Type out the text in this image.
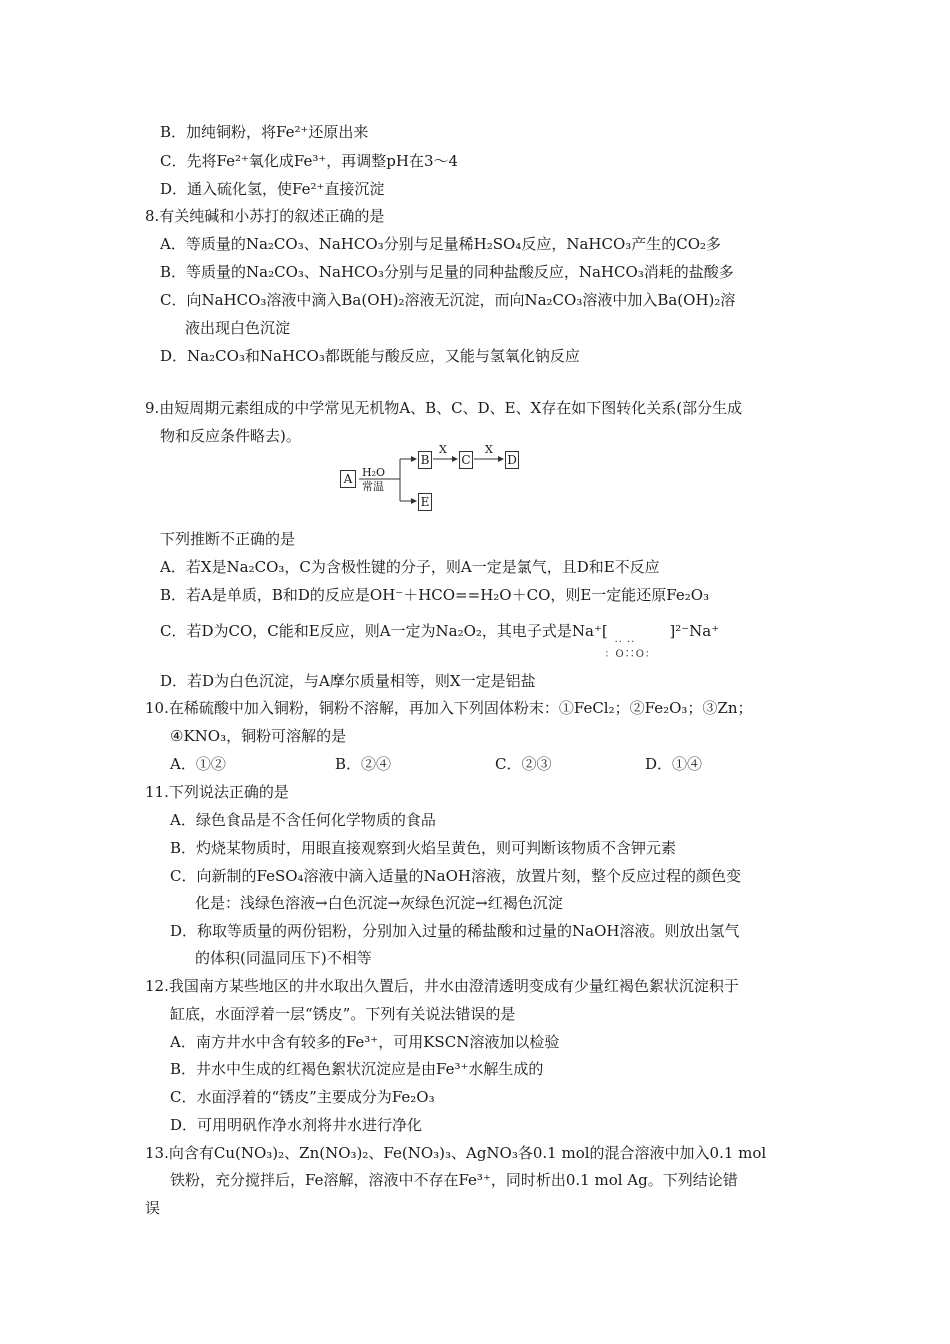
B．加纯铜粉，将Fe²⁺还原出来
C．先将Fe²⁺氧化成Fe³⁺，再调整pH在3～4
D．通入硫化氢，使Fe²⁺直接沉淀
8.有关纯碱和小苏打的叙述正确的是
A．等质量的Na₂CO₃、NaHCO₃分别与足量稀H₂SO₄反应，NaHCO₃产生的CO₂多
B．等质量的Na₂CO₃、NaHCO₃分别与足量的同种盐酸反应，NaHCO₃消耗的盐酸多
C．向NaHCO₃溶液中滴入Ba(OH)₂溶液无沉淀，而向Na₂CO₃溶液中加入Ba(OH)₂溶
液出现白色沉淀
D．Na₂CO₃和NaHCO₃都既能与酸反应，又能与氢氧化钠反应
9.由短周期元素组成的中学常见无机物A、B、C、D、E、X存在如下图转化关系(部分生成
物和反应条件略去)。
A H₂O
常温
B
X
C
X
D
E
下列推断不正确的是
A．若X是Na₂CO₃，C为含极性键的分子，则A一定是氯气，且D和E不反应
B．若A是单质，B和D的反应是OH⁻＋HCO==H₂O＋CO，则E一定能还原Fe₂O₃
C．若D为CO，C能和E反应，则A一定为Na₂O₂，其电子式是Na⁺[
·· ··
：O∷O：
]²⁻Na⁺
D．若D为白色沉淀，与A摩尔质量相等，则X一定是铝盐
10.在稀硫酸中加入铜粉，铜粉不溶解，再加入下列固体粉末：①FeCl₂；②Fe₂O₃；③Zn；
④KNO₃，铜粉可溶解的是
A．①②	B．②④	C．②③	D．①④
11.下列说法正确的是
A．绿色食品是不含任何化学物质的食品
B．灼烧某物质时，用眼直接观察到火焰呈黄色，则可判断该物质不含钾元素
C．向新制的FeSO₄溶液中滴入适量的NaOH溶液，放置片刻，整个反应过程的颜色变
化是：浅绿色溶液→白色沉淀→灰绿色沉淀→红褐色沉淀
D．称取等质量的两份铝粉，分别加入过量的稀盐酸和过量的NaOH溶液。则放出氢气
的体积(同温同压下)不相等
12.我国南方某些地区的井水取出久置后，井水由澄清透明变成有少量红褐色絮状沉淀积于
缸底，水面浮着一层“锈皮”。下列有关说法错误的是
A．南方井水中含有较多的Fe³⁺，可用KSCN溶液加以检验
B．井水中生成的红褐色絮状沉淀应是由Fe³⁺水解生成的
C．水面浮着的“锈皮”主要成分为Fe₂O₃
D．可用明矾作净水剂将井水进行净化
13.向含有Cu(NO₃)₂、Zn(NO₃)₂、Fe(NO₃)₃、AgNO₃各0.1 mol的混合溶液中加入0.1 mol
铁粉，充分搅拌后，Fe溶解，溶液中不存在Fe³⁺，同时析出0.1 mol Ag。下列结论错
误
